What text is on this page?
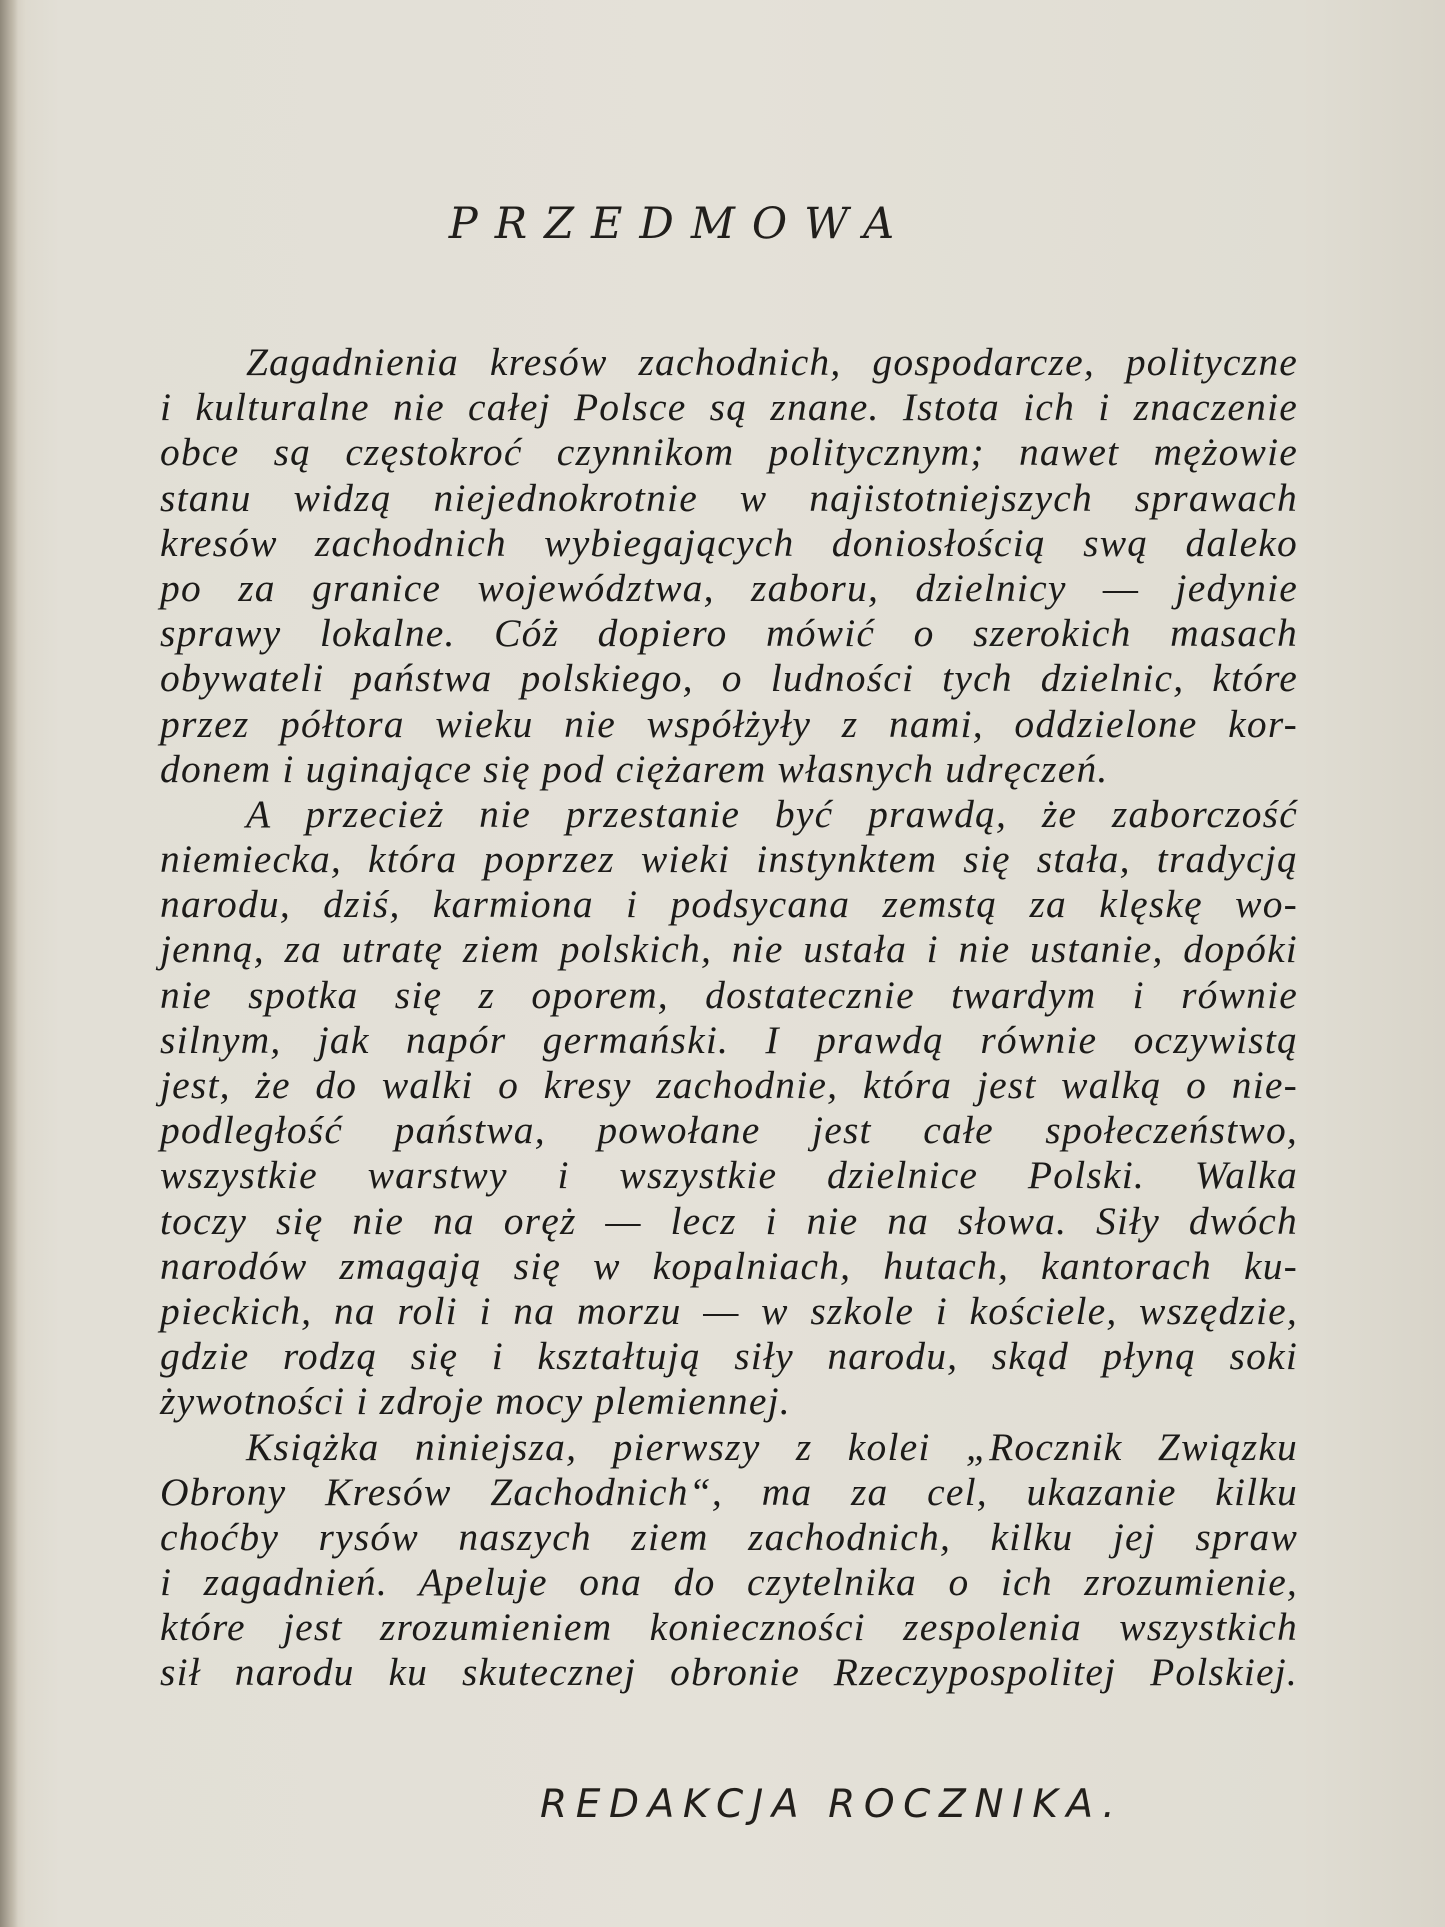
PRZEDMOWA
Zagadnienia kresów zachodnich, gospodarcze, polityczne
i kulturalne nie całej Polsce są znane. Istota ich i znaczenie
obce są częstokroć czynnikom politycznym; nawet mężowie
stanu widzą niejednokrotnie w najistotniejszych sprawach
kresów zachodnich wybiegających doniosłością swą daleko
po za granice województwa, zaboru, dzielnicy — jedynie
sprawy lokalne. Cóż dopiero mówić o szerokich masach
obywateli państwa polskiego, o ludności tych dzielnic, które
przez półtora wieku nie współżyły z nami, oddzielone kor-
donem i uginające się pod ciężarem własnych udręczeń.
A przecież nie przestanie być prawdą, że zaborczość
niemiecka, która poprzez wieki instynktem się stała, tradycją
narodu, dziś, karmiona i podsycana zemstą za klęskę wo-
jenną, za utratę ziem polskich, nie ustała i nie ustanie, dopóki
nie spotka się z oporem, dostatecznie twardym i równie
silnym, jak napór germański. I prawdą równie oczywistą
jest, że do walki o kresy zachodnie, która jest walką o nie-
podległość państwa, powołane jest całe społeczeństwo,
wszystkie warstwy i wszystkie dzielnice Polski. Walka
toczy się nie na oręż — lecz i nie na słowa. Siły dwóch
narodów zmagają się w kopalniach, hutach, kantorach ku-
pieckich, na roli i na morzu — w szkole i kościele, wszędzie,
gdzie rodzą się i kształtują siły narodu, skąd płyną soki
żywotności i zdroje mocy plemiennej.
Książka niniejsza, pierwszy z kolei „Rocznik Związku
Obrony Kresów Zachodnich“, ma za cel, ukazanie kilku
choćby rysów naszych ziem zachodnich, kilku jej spraw
i zagadnień. Apeluje ona do czytelnika o ich zrozumienie,
które jest zrozumieniem konieczności zespolenia wszystkich
sił narodu ku skutecznej obronie Rzeczypospolitej Polskiej.
REDAKCJA ROCZNIKA.
